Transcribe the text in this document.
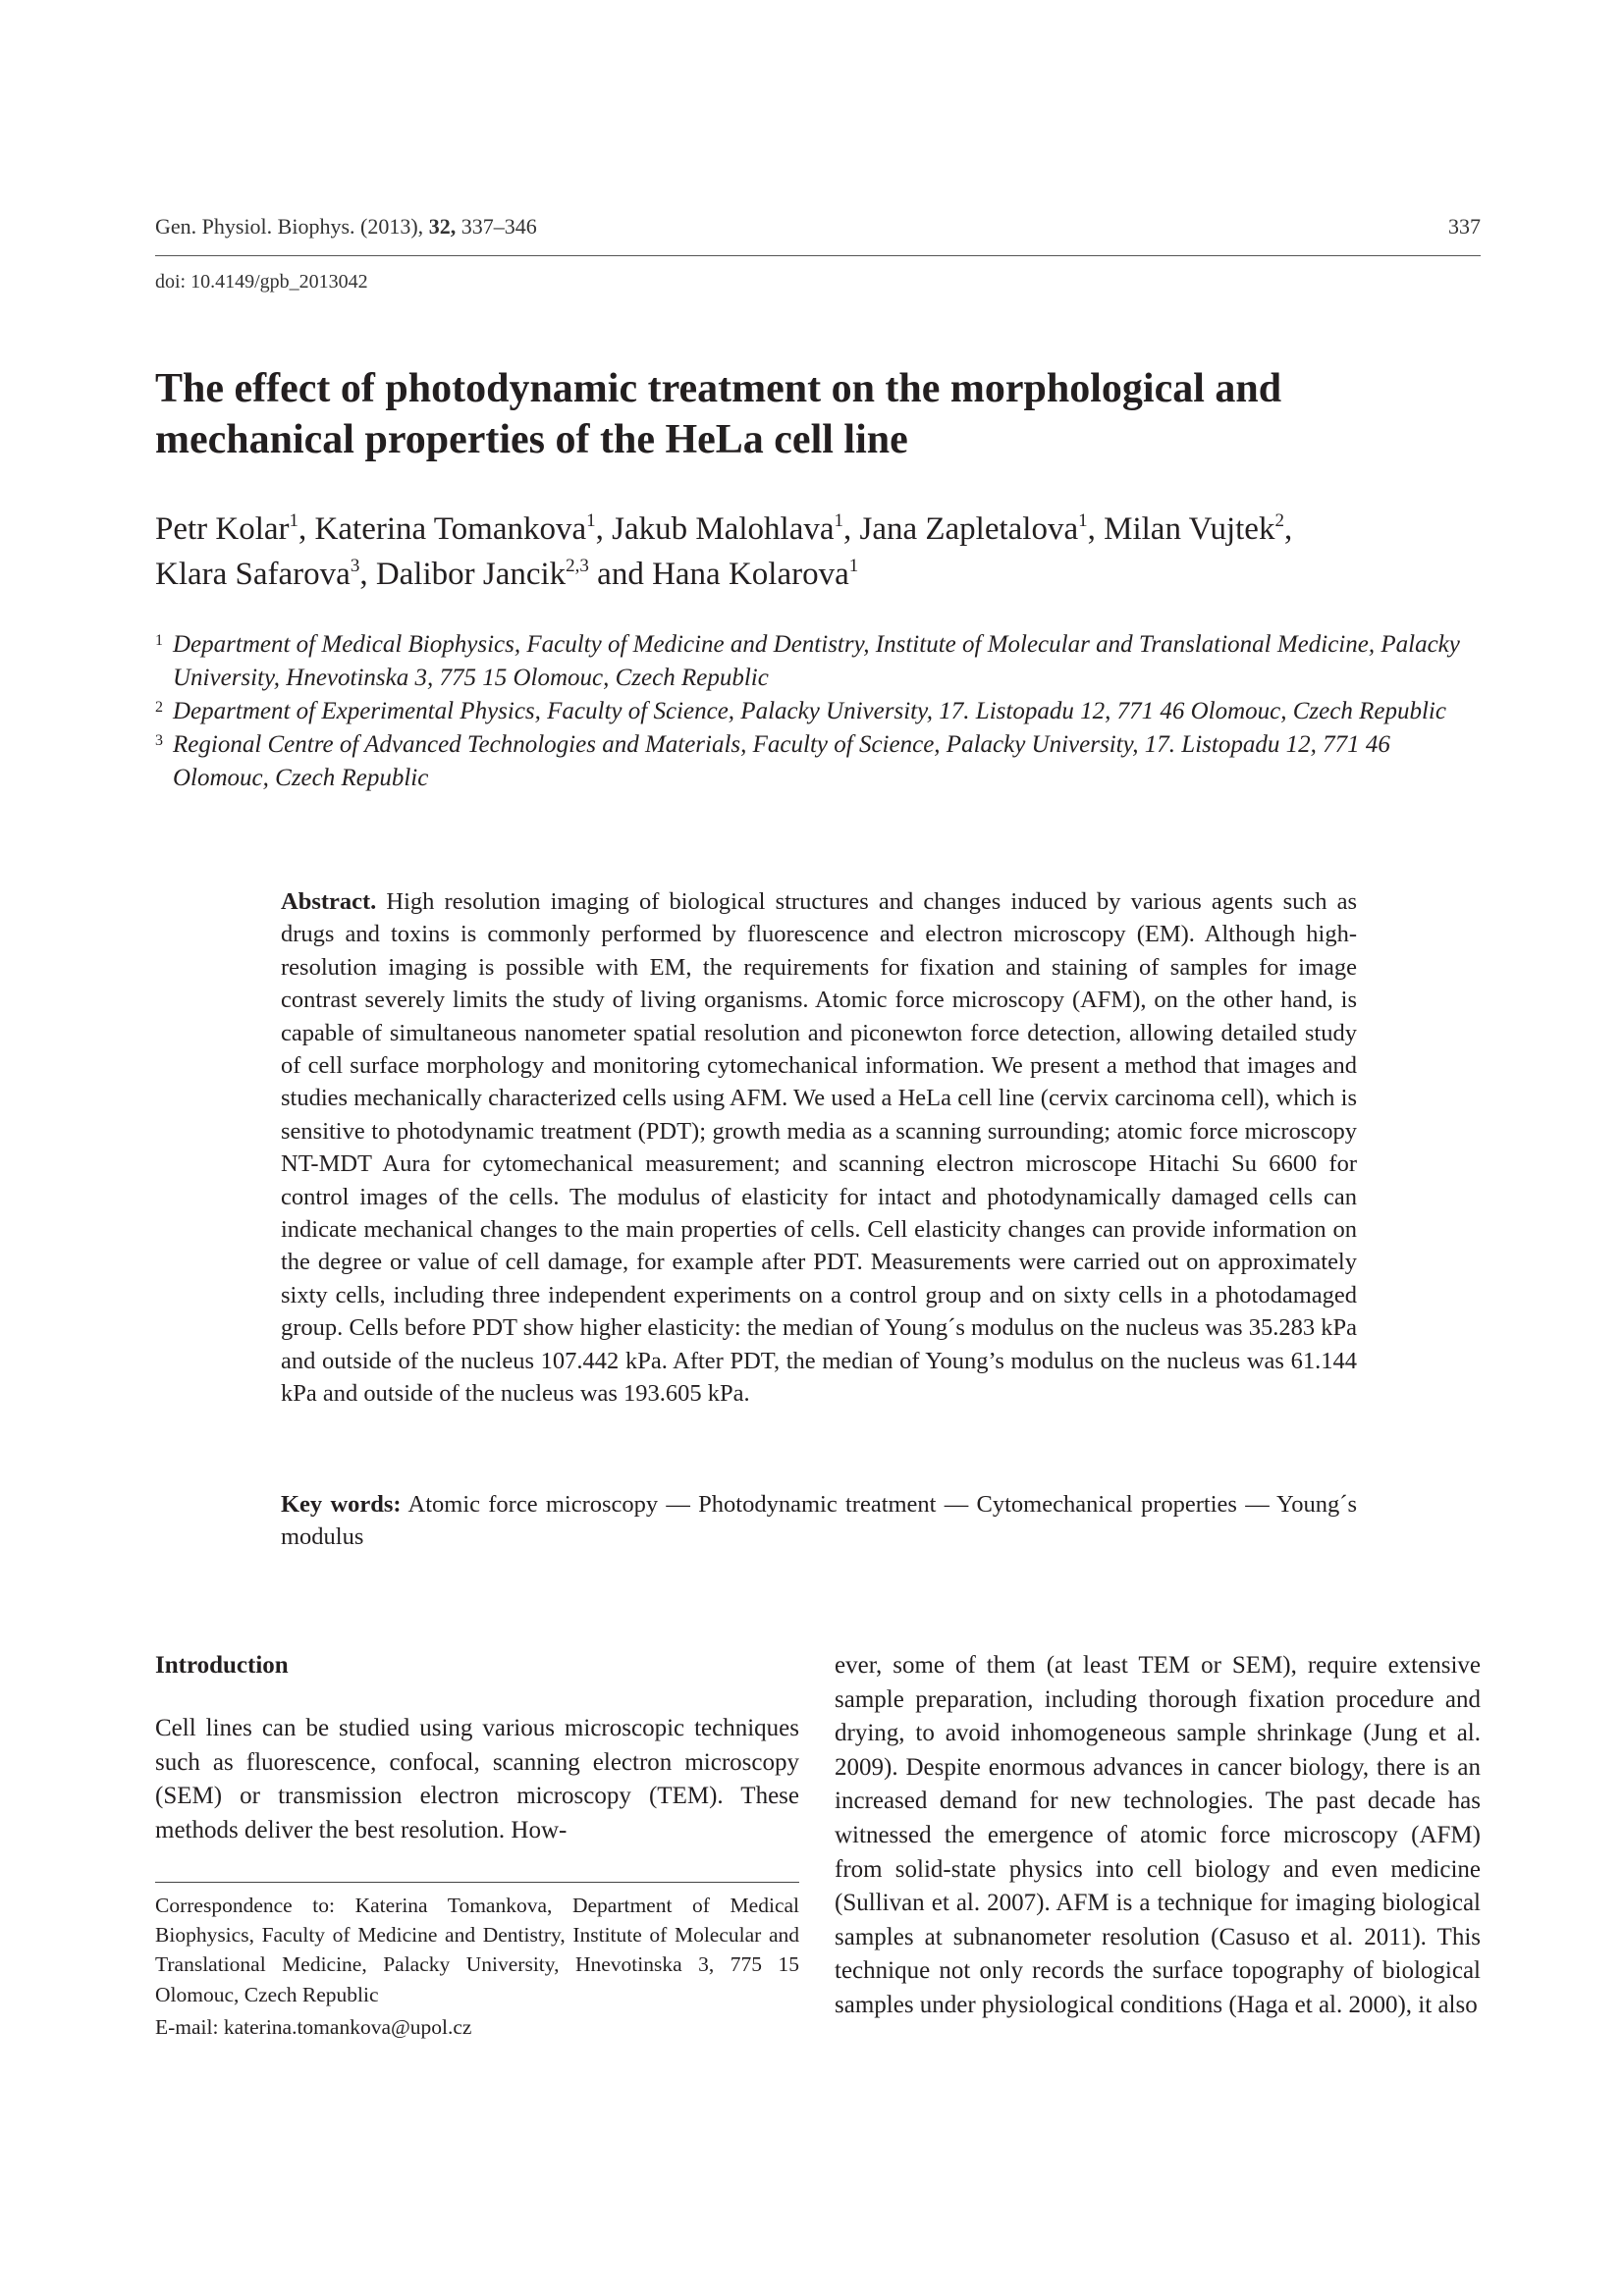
Gen. Physiol. Biophys. (2013), 32, 337–346	337
doi: 10.4149/gpb_2013042
The effect of photodynamic treatment on the morphological and mechanical properties of the HeLa cell line

Petr Kolar$^1$, Katerina Tomankova$^1$, Jakub Malohlava$^1$, Jana Zapletalova$^1$, Milan Vujtek$^2$,
Klara Safarova$^3$, Dalibor Jancik$^{2,3}$ and Hana Kolarova$^1$

1 Department of Medical Biophysics, Faculty of Medicine and Dentistry, Institute of Molecular and Translational Medicine, Palacky University, Hnevotinska 3, 775 15 Olomouc, Czech Republic
2 Department of Experimental Physics, Faculty of Science, Palacky University, 17. Listopadu 12, 771 46 Olomouc, Czech Republic
3 Regional Centre of Advanced Technologies and Materials, Faculty of Science, Palacky University, 17. Listopadu 12, 771 46 Olomouc, Czech Republic

Abstract. High resolution imaging of biological structures and changes induced by various agents such as drugs and toxins is commonly performed by fluorescence and electron microscopy (EM). Although high-resolution imaging is possible with EM, the requirements for fixation and staining of samples for image contrast severely limits the study of living organisms. Atomic force microscopy (AFM), on the other hand, is capable of simultaneous nanometer spatial resolution and piconewton force detection, allowing detailed study of cell surface morphology and monitoring cytomechanical information. We present a method that images and studies mechanically characterized cells using AFM. We used a HeLa cell line (cervix carcinoma cell), which is sensitive to photodynamic treatment (PDT); growth media as a scanning surrounding; atomic force microscopy NT-MDT Aura for cytomechanical measurement; and scanning electron microscope Hitachi Su 6600 for control images of the cells. The modulus of elasticity for intact and photodynamically damaged cells can indicate mechanical changes to the main properties of cells. Cell elasticity changes can provide information on the degree or value of cell damage, for example after PDT. Measurements were carried out on approximately sixty cells, including three independent experiments on a control group and on sixty cells in a photodamaged group. Cells before PDT show higher elasticity: the median of Young´s modulus on the nucleus was 35.283 kPa and outside of the nucleus 107.442 kPa. After PDT, the median of Young’s modulus on the nucleus was 61.144 kPa and outside of the nucleus was 193.605 kPa.

Key words: Atomic force microscopy — Photodynamic treatment — Cytomechanical properties — Young´s modulus

Introduction

Cell lines can be studied using various microscopic techniques such as fluorescence, confocal, scanning electron microscopy (SEM) or transmission electron microscopy (TEM). These methods deliver the best resolution. How-

ever, some of them (at least TEM or SEM), require extensive sample preparation, including thorough fixation procedure and drying, to avoid inhomogeneous sample shrinkage (Jung et al. 2009). Despite enormous advances in cancer biology, there is an increased demand for new technologies. The past decade has witnessed the emergence of atomic force microscopy (AFM) from solid-state physics into cell biology and even medicine (Sullivan et al. 2007). AFM is a technique for imaging biological samples at subnanometer resolution (Casuso et al. 2011). This technique not only records the surface topography of biological samples under physiological conditions (Haga et al. 2000), it also

Correspondence to: Katerina Tomankova, Department of Medical Biophysics, Faculty of Medicine and Dentistry, Institute of Molecular and Translational Medicine, Palacky University, Hnevotinska 3, 775 15 Olomouc, Czech Republic

E-mail: katerina.tomankova@upol.cz
